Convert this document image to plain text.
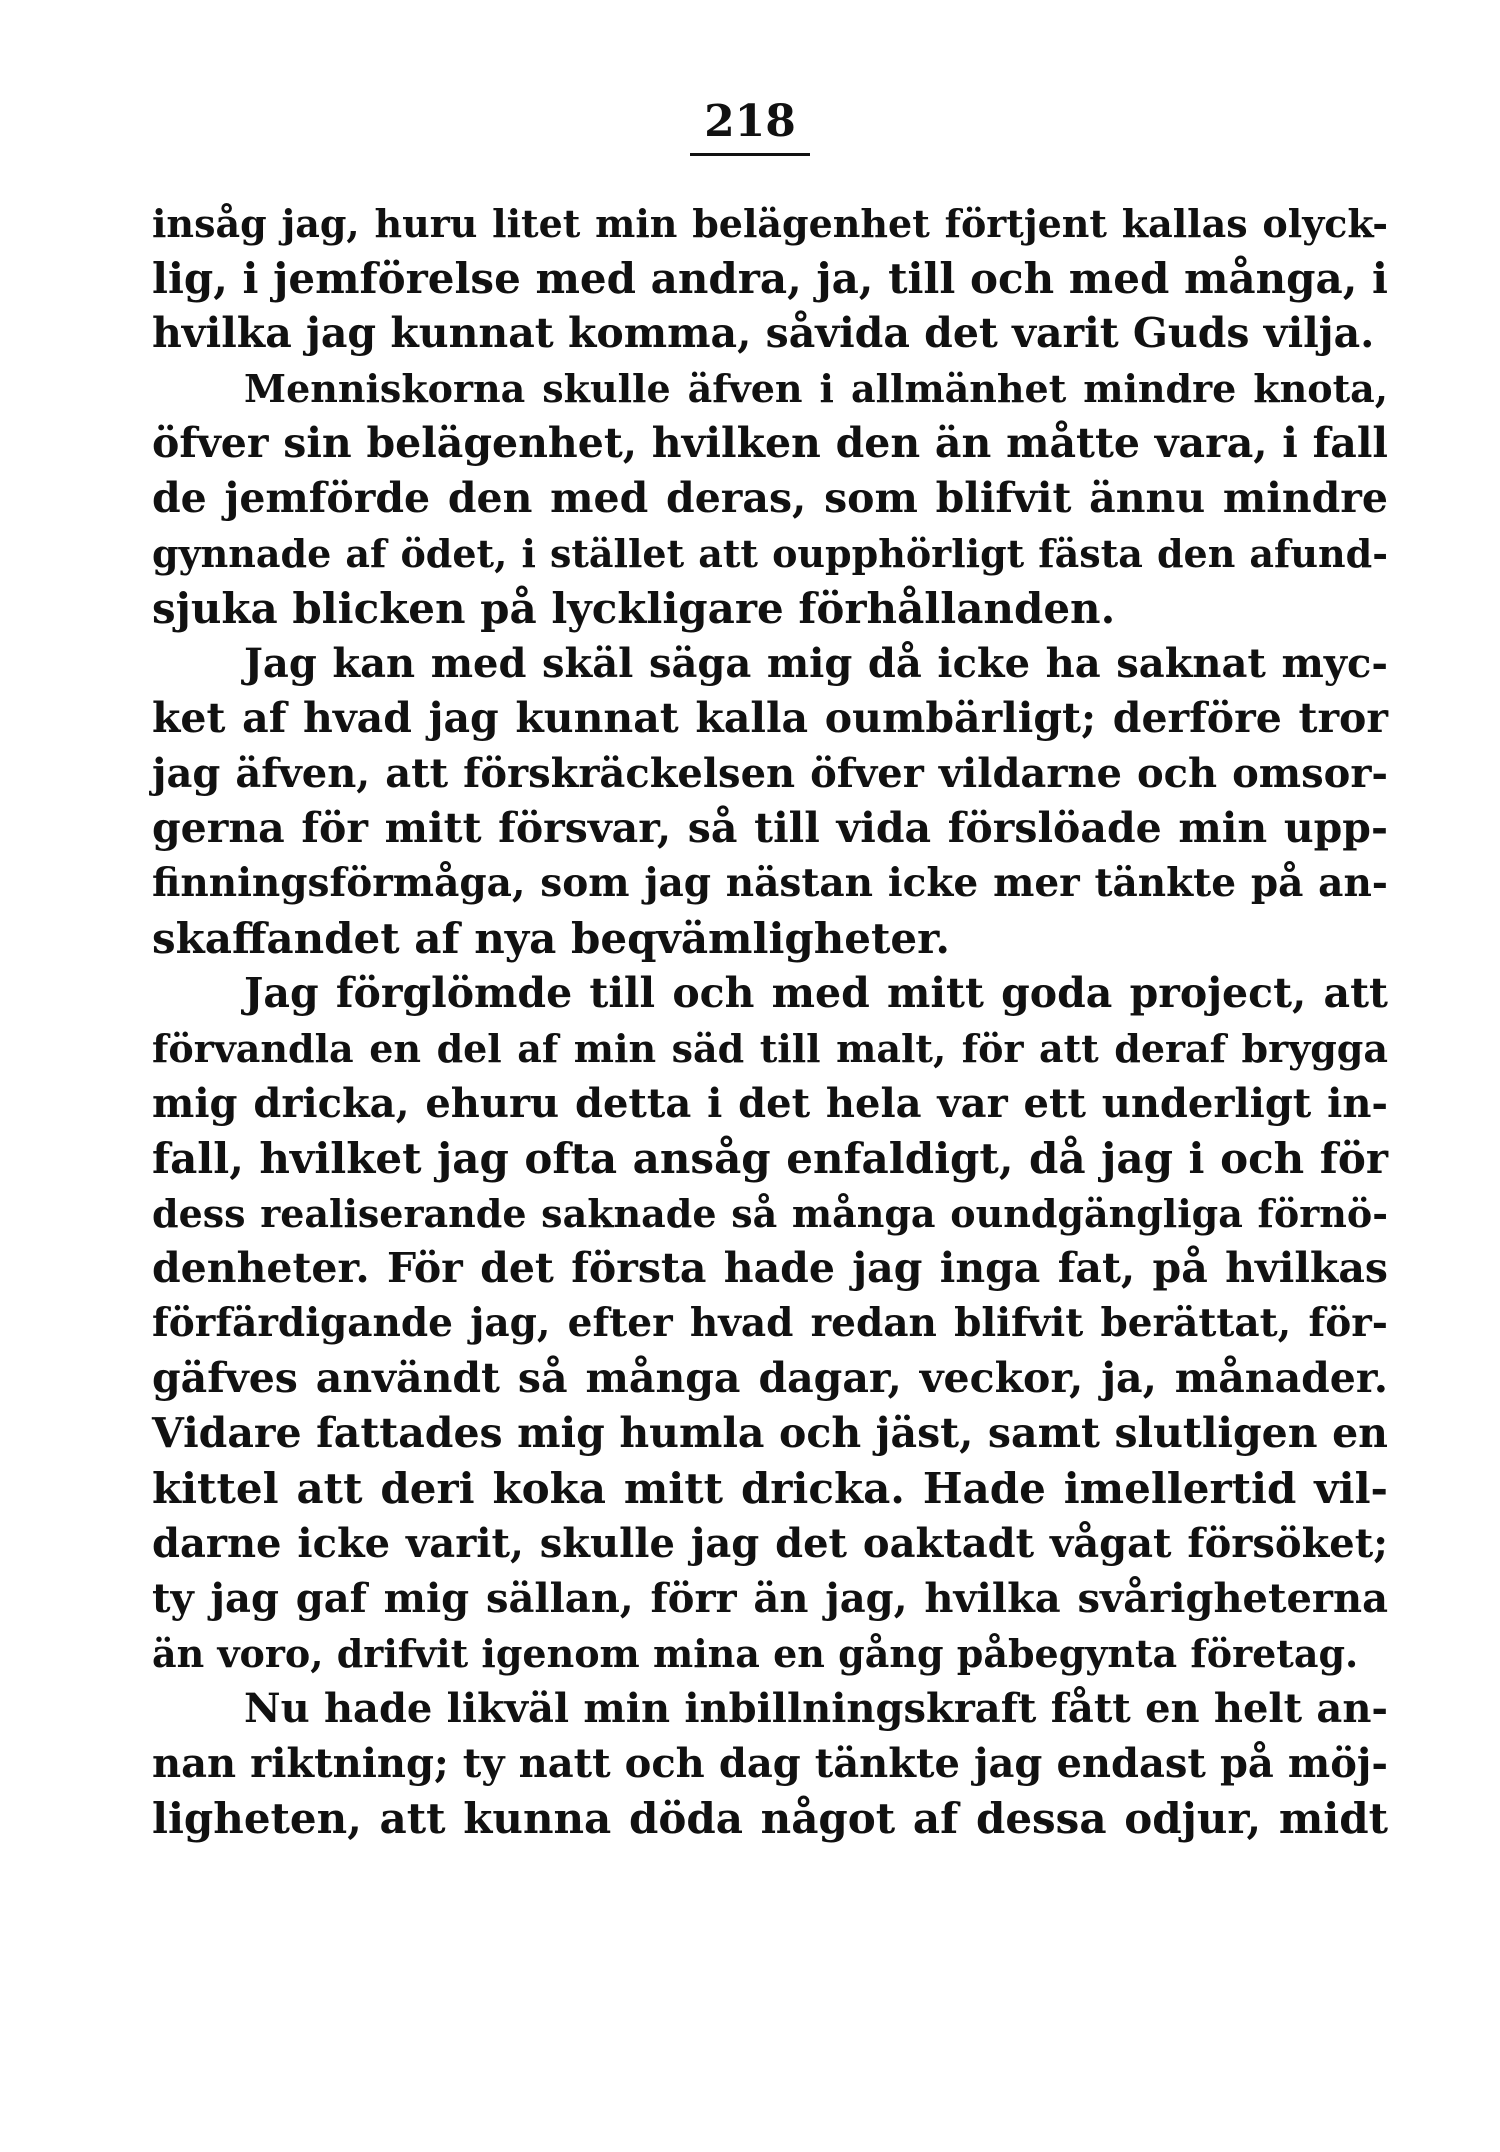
218
insåg jag, huru litet min belägenhet förtjent kallas olyck-
lig, i jemförelse med andra, ja, till och med många, i
hvilka jag kunnat komma, såvida det varit Guds vilja.
Menniskorna skulle äfven i allmänhet mindre knota,
öfver sin belägenhet, hvilken den än måtte vara, i fall
de jemförde den med deras, som blifvit ännu mindre
gynnade af ödet, i stället att oupphörligt fästa den afund-
sjuka blicken på lyckligare förhållanden.
Jag kan med skäl säga mig då icke ha saknat myc-
ket af hvad jag kunnat kalla oumbärligt; derföre tror
jag äfven, att förskräckelsen öfver vildarne och omsor-
gerna för mitt försvar, så till vida förslöade min upp-
finningsförmåga, som jag nästan icke mer tänkte på an-
skaffandet af nya beqvämligheter.
Jag förglömde till och med mitt goda project, att
förvandla en del af min säd till malt, för att deraf brygga
mig dricka, ehuru detta i det hela var ett underligt in-
fall, hvilket jag ofta ansåg enfaldigt, då jag i och för
dess realiserande saknade så många oundgängliga förnö-
denheter. För det första hade jag inga fat, på hvilkas
förfärdigande jag, efter hvad redan blifvit berättat, för-
gäfves användt så många dagar, veckor, ja, månader.
Vidare fattades mig humla och jäst, samt slutligen en
kittel att deri koka mitt dricka. Hade imellertid vil-
darne icke varit, skulle jag det oaktadt vågat försöket;
ty jag gaf mig sällan, förr än jag, hvilka svårigheterna
än voro, drifvit igenom mina en gång påbegynta företag.
Nu hade likväl min inbillningskraft fått en helt an-
nan riktning; ty natt och dag tänkte jag endast på möj-
ligheten, att kunna döda något af dessa odjur, midt
